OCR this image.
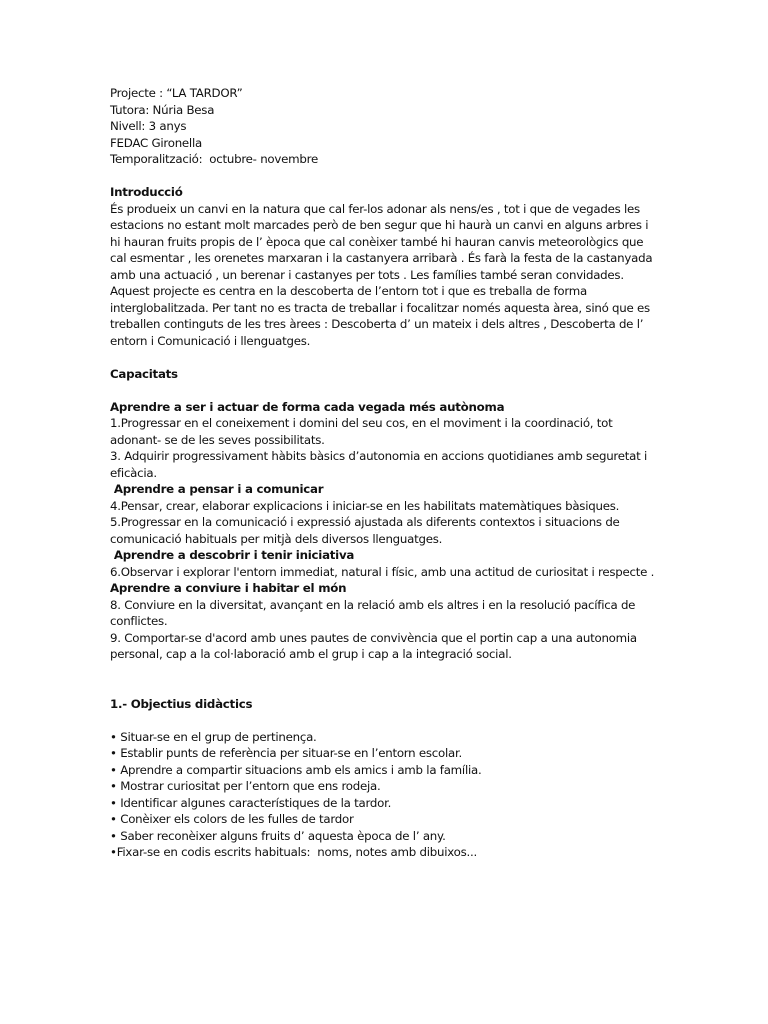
Projecte : “LA TARDOR”
Tutora: Núria Besa
Nivell: 3 anys
FEDAC Gironella
Temporalització:  octubre- novembre
Introducció
És produeix un canvi en la natura que cal fer-los adonar als nens/es , tot i que de vegades les estacions no estant molt marcades però de ben segur que hi haurà un canvi en alguns arbres i hi hauran fruits propis de l’ època que cal conèixer també hi hauran canvis meteorològics que cal esmentar , les orenetes marxaran i la castanyera arribarà . És farà la festa de la castanyada amb una actuació , un berenar i castanyes per tots . Les famílies també seran convidades.
Aquest projecte es centra en la descoberta de l’entorn tot i que es treballa de forma interglobalitzada. Per tant no es tracta de treballar i focalitzar només aquesta àrea, sinó que es treballen continguts de les tres àrees : Descoberta d’ un mateix i dels altres , Descoberta de l’ entorn i Comunicació i llenguatges.
Capacitats
Aprendre a ser i actuar de forma cada vegada més autònoma
1.Progressar en el coneixement i domini del seu cos, en el moviment i la coordinació, tot adonant- se de les seves possibilitats.
3. Adquirir progressivament hàbits bàsics d’autonomia en accions quotidianes amb seguretat i eficàcia.
Aprendre a pensar i a comunicar
4.Pensar, crear, elaborar explicacions i iniciar-se en les habilitats matemàtiques bàsiques.
5.Progressar en la comunicació i expressió ajustada als diferents contextos i situacions de comunicació habituals per mitjà dels diversos llenguatges.
Aprendre a descobrir i tenir iniciativa
6.Observar i explorar l'entorn immediat, natural i físic, amb una actitud de curiositat i respecte .
Aprendre a conviure i habitar el món
8. Conviure en la diversitat, avançant en la relació amb els altres i en la resolució pacífica de conflictes.
9. Comportar-se d'acord amb unes pautes de convivència que el portin cap a una autonomia personal, cap a la col·laboració amb el grup i cap a la integració social.
1.- Objectius didàctics
• Situar-se en el grup de pertinença.
• Establir punts de referència per situar-se en l’entorn escolar.
• Aprendre a compartir situacions amb els amics i amb la família.
• Mostrar curiositat per l’entorn que ens rodeja.
• Identificar algunes característiques de la tardor.
• Conèixer els colors de les fulles de tardor
• Saber reconèixer alguns fruits d’ aquesta època de l’ any.
•Fixar-se en codis escrits habituals:  noms, notes amb dibuixos...
